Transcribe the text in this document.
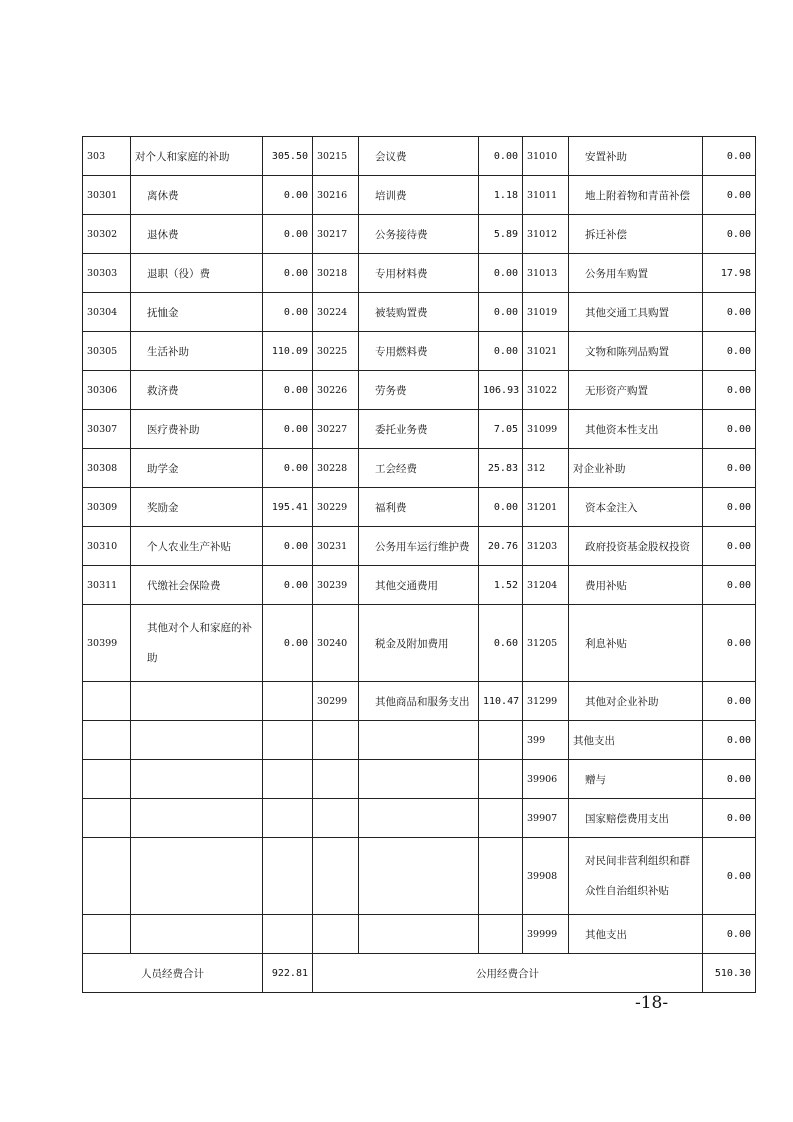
303	对个人和家庭的补助	305.50	30215	会议费	0.00	31010	安置补助	0.00
30301	离休费	0.00	30216	培训费	1.18	31011	地上附着物和青苗补偿	0.00
30302	退休费	0.00	30217	公务接待费	5.89	31012	拆迁补偿	0.00
30303	退职（役）费	0.00	30218	专用材料费	0.00	31013	公务用车购置	17.98
30304	抚恤金	0.00	30224	被装购置费	0.00	31019	其他交通工具购置	0.00
30305	生活补助	110.09	30225	专用燃料费	0.00	31021	文物和陈列品购置	0.00
30306	救济费	0.00	30226	劳务费	106.93	31022	无形资产购置	0.00
30307	医疗费补助	0.00	30227	委托业务费	7.05	31099	其他资本性支出	0.00
30308	助学金	0.00	30228	工会经费	25.83	312	对企业补助	0.00
30309	奖励金	195.41	30229	福利费	0.00	31201	资本金注入	0.00
30310	个人农业生产补贴	0.00	30231	公务用车运行维护费	20.76	31203	政府投资基金股权投资	0.00
30311	代缴社会保险费	0.00	30239	其他交通费用	1.52	31204	费用补贴	0.00
30399	其他对个人和家庭的补助	0.00	30240	税金及附加费用	0.60	31205	利息补贴	0.00
			30299	其他商品和服务支出	110.47	31299	其他对企业补助	0.00
						399	其他支出	0.00
						39906	赠与	0.00
						39907	国家赔偿费用支出	0.00
						39908	对民间非营利组织和群众性自治组织补贴	0.00
						39999	其他支出	0.00
人员经费合计		922.81	公用经费合计					510.30
-18-
